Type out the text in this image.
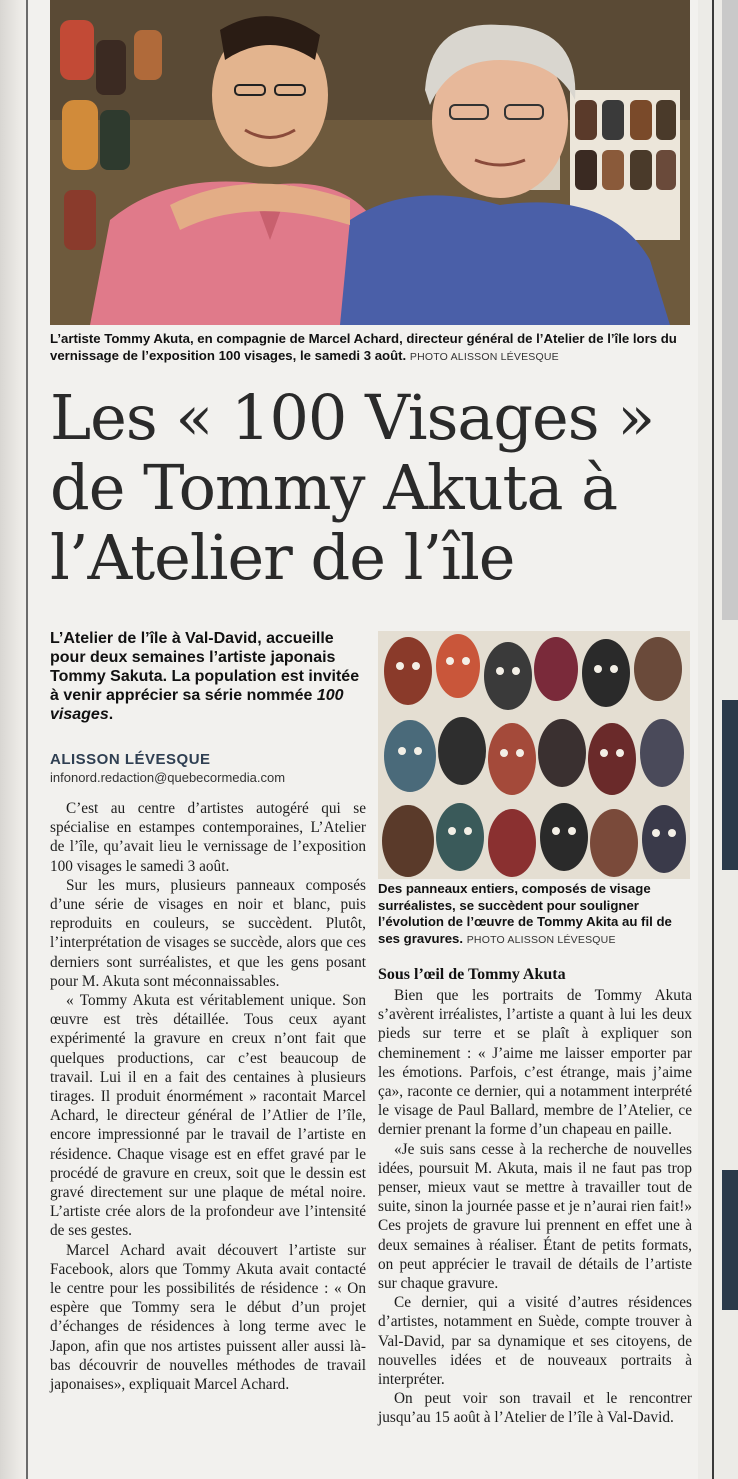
L’artiste Tommy Akuta, en compagnie de Marcel Achard, directeur général de l’Atelier de l’île lors du vernissage de l’exposition 100 visages, le samedi 3 août. PHOTO ALISSON LÉVESQUE
Les « 100 Visages »
de Tommy Akuta à
l’Atelier de l’île
L’Atelier de l’île à Val-David, accueille pour deux semaines l’artiste japonais Tommy Sakuta. La population est invitée à venir apprécier sa série nommée 100 visages.
ALISSON LÉVESQUE
infonord.redaction@quebecormedia.com

C’est au centre d’artistes autogéré qui se spécialise en estampes contemporaines, L’Atelier de l’île, qu’avait lieu le vernissage de l’exposition 100 visages le samedi 3 août.

Sur les murs, plusieurs panneaux composés d’une série de visages en noir et blanc, puis reproduits en couleurs, se succèdent. Plutôt, l’interprétation de visages se succède, alors que ces derniers sont surréalistes, et que les gens posant pour M. Akuta sont méconnaissables.

« Tommy Akuta est véritablement unique. Son œuvre est très détaillée. Tous ceux ayant expérimenté la gravure en creux n’ont fait que quelques productions, car c’est beaucoup de travail. Lui il en a fait des centaines à plusieurs tirages. Il produit énormément » racontait Marcel Achard, le directeur général de l’Atlier de l’île, encore impressionné par le travail de l’artiste en résidence. Chaque visage est en effet gravé par le procédé de gravure en creux, soit que le dessin est gravé directement sur une plaque de métal noire. L’artiste crée alors de la profondeur ave l’intensité de ses gestes.

Marcel Achard avait découvert l’artiste sur Facebook, alors que Tommy Akuta avait contacté le centre pour les possibilités de résidence : « On espère que Tommy sera le début d’un projet d’échanges de résidences à long terme avec le Japon, afin que nos artistes puissent aller aussi là-bas découvrir de nouvelles méthodes de travail japonaises», expliquait Marcel Achard.

Des panneaux entiers, composés de visage surréalistes, se succèdent pour souligner l’évolution de l’œuvre de Tommy Akita au fil de ses gravures. PHOTO ALISSON LÉVESQUE
Sous l’œil de Tommy Akuta

Bien que les portraits de Tommy Akuta s’avèrent irréalistes, l’artiste a quant à lui les deux pieds sur terre et se plaît à expliquer son cheminement : « J’aime me laisser emporter par les émotions. Parfois, c’est étrange, mais j’aime ça», raconte ce dernier, qui a notamment interprété le visage de Paul Ballard, membre de l’Atelier, ce dernier prenant la forme d’un chapeau en paille.

«Je suis sans cesse à la recherche de nouvelles idées, poursuit M. Akuta, mais il ne faut pas trop penser, mieux vaut se mettre à travailler tout de suite, sinon la journée passe et je n’aurai rien fait!» Ces projets de gravure lui prennent en effet une à deux semaines à réaliser. Étant de petits formats, on peut apprécier le travail de détails de l’artiste sur chaque gravure.

Ce dernier, qui a visité d’autres résidences d’artistes, notamment en Suède, compte trouver à Val-David, par sa dynamique et ses citoyens, de nouvelles idées et de nouveaux portraits à interpréter.

On peut voir son travail et le rencontrer jusqu’au 15 août à l’Atelier de l’île à Val-David.
